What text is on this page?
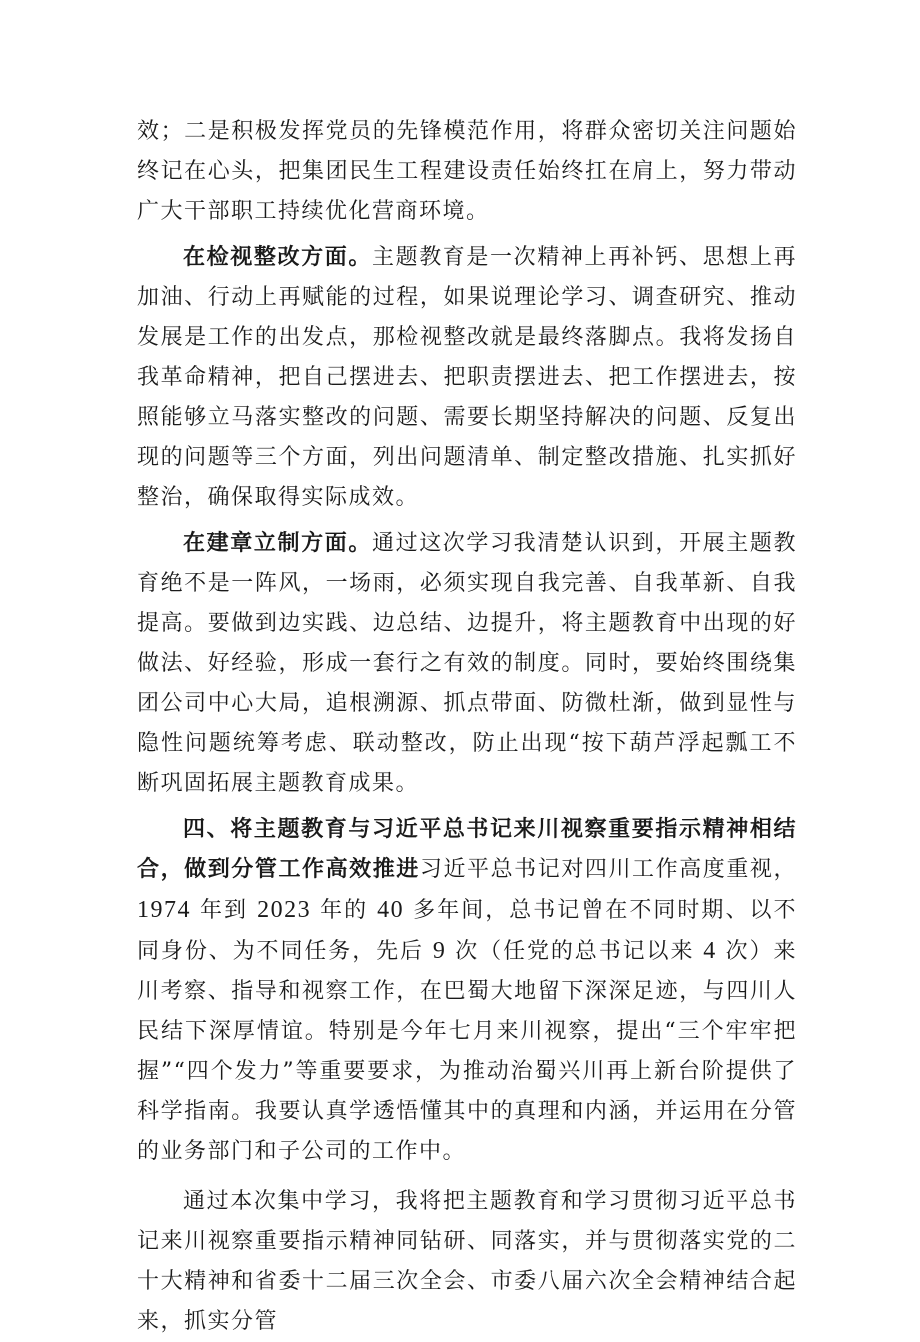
效；二是积极发挥党员的先锋模范作用，将群众密切关注问题始终记在心头，把集团民生工程建设责任始终扛在肩上，努力带动广大干部职工持续优化营商环境。

在检视整改方面。主题教育是一次精神上再补钙、思想上再加油、行动上再赋能的过程，如果说理论学习、调查研究、推动发展是工作的出发点，那检视整改就是最终落脚点。我将发扬自我革命精神，把自己摆进去、把职责摆进去、把工作摆进去，按照能够立马落实整改的问题、需要长期坚持解决的问题、反复出现的问题等三个方面，列出问题清单、制定整改措施、扎实抓好整治，确保取得实际成效。

在建章立制方面。通过这次学习我清楚认识到，开展主题教育绝不是一阵风，一场雨，必须实现自我完善、自我革新、自我提高。要做到边实践、边总结、边提升，将主题教育中出现的好做法、好经验，形成一套行之有效的制度。同时，要始终围绕集团公司中心大局，追根溯源、抓点带面、防微杜渐，做到显性与隐性问题统筹考虑、联动整改，防止出现“按下葫芦浮起瓢工不断巩固拓展主题教育成果。

四、将主题教育与习近平总书记来川视察重要指示精神相结合，做到分管工作高效推进习近平总书记对四川工作高度重视，1974 年到 2023 年的 40 多年间，总书记曾在不同时期、以不同身份、为不同任务，先后 9 次（任党的总书记以来 4 次）来川考察、指导和视察工作，在巴蜀大地留下深深足迹，与四川人民结下深厚情谊。特别是今年七月来川视察，提出“三个牢牢把握”“四个发力”等重要要求，为推动治蜀兴川再上新台阶提供了科学指南。我要认真学透悟懂其中的真理和内涵，并运用在分管的业务部门和子公司的工作中。

通过本次集中学习，我将把主题教育和学习贯彻习近平总书记来川视察重要指示精神同钻研、同落实，并与贯彻落实党的二十大精神和省委十二届三次全会、市委八届六次全会精神结合起来，抓实分管
